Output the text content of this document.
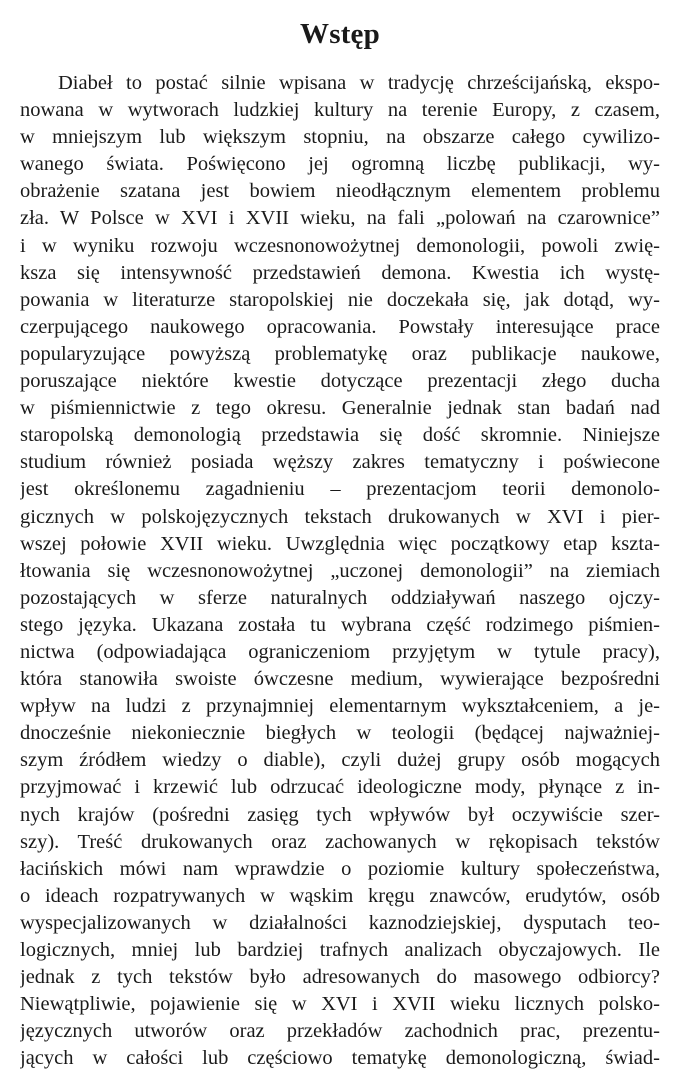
Wstęp
Diabeł to postać silnie wpisana w tradycję chrześcijańską, ekspo-
nowana w wytworach ludzkiej kultury na terenie Europy, z czasem,
w mniejszym lub większym stopniu, na obszarze całego cywilizo-
wanego świata. Poświęcono jej ogromną liczbę publikacji, wy-
obrażenie szatana jest bowiem nieodłącznym elementem problemu
zła. W Polsce w XVI i XVII wieku, na fali „polowań na czarownice”
i w wyniku rozwoju wczesnonowożytnej demonologii, powoli zwię-
ksza się intensywność przedstawień demona. Kwestia ich wystę-
powania w literaturze staropolskiej nie doczekała się, jak dotąd, wy-
czerpującego naukowego opracowania. Powstały interesujące prace
popularyzujące powyższą problematykę oraz publikacje naukowe,
poruszające niektóre kwestie dotyczące prezentacji złego ducha
w piśmiennictwie z tego okresu. Generalnie jednak stan badań nad
staropolską demonologią przedstawia się dość skromnie. Niniejsze
studium również posiada węższy zakres tematyczny i poświecone
jest określonemu zagadnieniu – prezentacjom teorii demonolo-
gicznych w polskojęzycznych tekstach drukowanych w XVI i pier-
wszej połowie XVII wieku. Uwzględnia więc początkowy etap kszta-
łtowania się wczesnonowożytnej „uczonej demonologii” na ziemiach
pozostających w sferze naturalnych oddziaływań naszego ojczy-
stego języka. Ukazana została tu wybrana część rodzimego piśmien-
nictwa (odpowiadająca ograniczeniom przyjętym w tytule pracy),
która stanowiła swoiste ówczesne medium, wywierające bezpośredni
wpływ na ludzi z przynajmniej elementarnym wykształceniem, a je-
dnocześnie niekoniecznie biegłych w teologii (będącej najważniej-
szym źródłem wiedzy o diable), czyli dużej grupy osób mogących
przyjmować i krzewić lub odrzucać ideologiczne mody, płynące z in-
nych krajów (pośredni zasięg tych wpływów był oczywiście szer-
szy). Treść drukowanych oraz zachowanych w rękopisach tekstów
łacińskich mówi nam wprawdzie o poziomie kultury społeczeństwa,
o ideach rozpatrywanych w wąskim kręgu znawców, erudytów, osób
wyspecjalizowanych w działalności kaznodziejskiej, dysputach teo-
logicznych, mniej lub bardziej trafnych analizach obyczajowych. Ile
jednak z tych tekstów było adresowanych do masowego odbiorcy?
Niewątpliwie, pojawienie się w XVI i XVII wieku licznych polsko-
języcznych utworów oraz przekładów zachodnich prac, prezentu-
jących w całości lub częściowo tematykę demonologiczną, świad-
